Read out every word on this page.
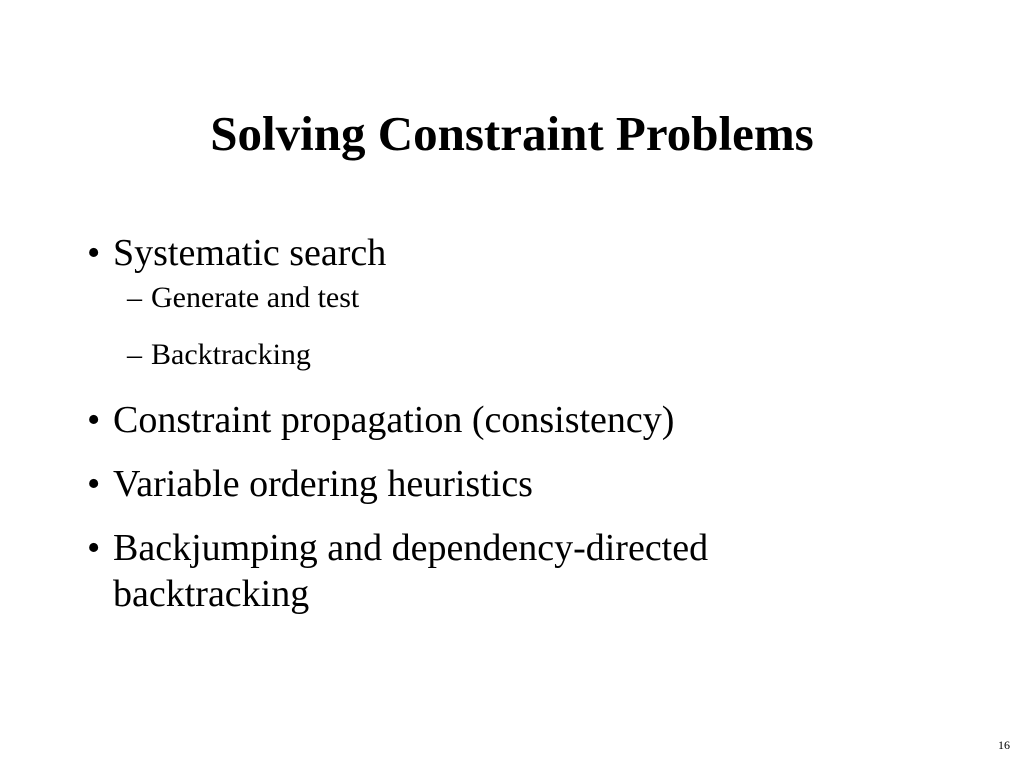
Solving Constraint Problems
• Systematic search
– Generate and test
– Backtracking
• Constraint propagation (consistency)
• Variable ordering heuristics
• Backjumping and dependency-directed backtracking
16
